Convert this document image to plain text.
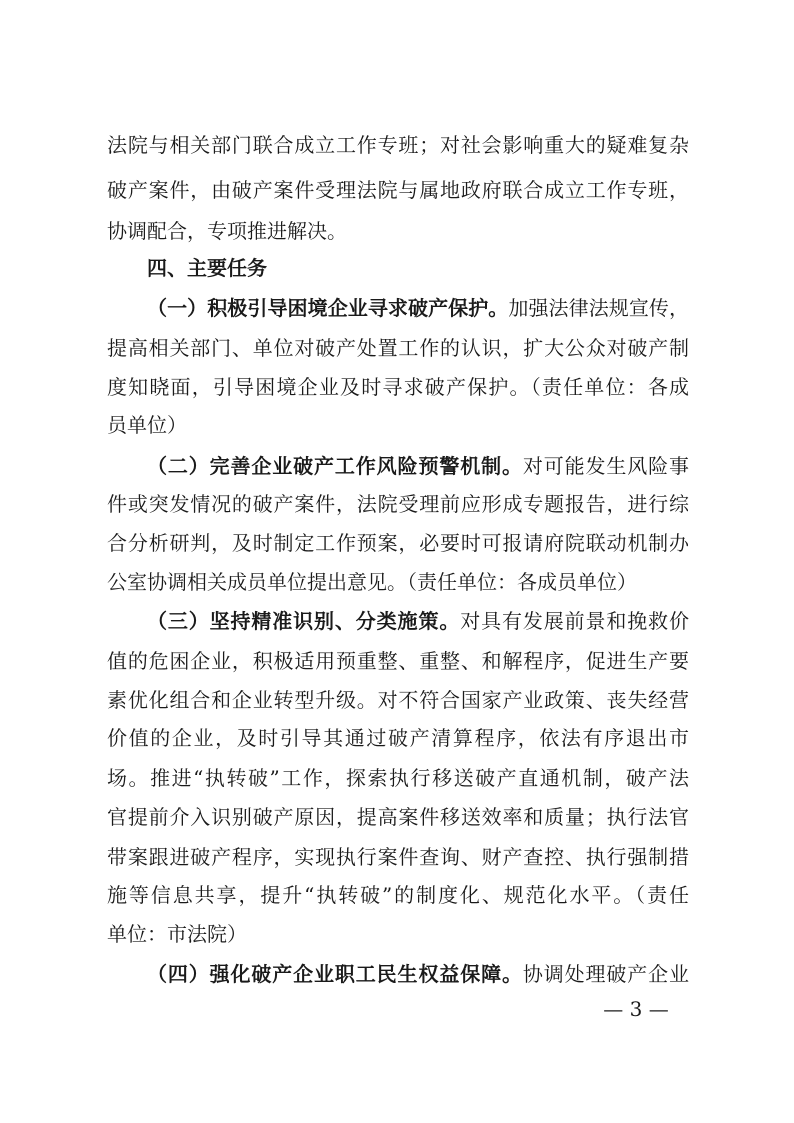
法院与相关部门联合成立工作专班；对社会影响重大的疑难复杂
破产案件，由破产案件受理法院与属地政府联合成立工作专班，
协调配合，专项推进解决。
四、主要任务
（一）积极引导困境企业寻求破产保护。加强法律法规宣传，
提高相关部门、单位对破产处置工作的认识，扩大公众对破产制
度知晓面，引导困境企业及时寻求破产保护。（责任单位：各成
员单位）
（二）完善企业破产工作风险预警机制。对可能发生风险事
件或突发情况的破产案件，法院受理前应形成专题报告，进行综
合分析研判，及时制定工作预案，必要时可报请府院联动机制办
公室协调相关成员单位提出意见。（责任单位：各成员单位）
（三）坚持精准识别、分类施策。对具有发展前景和挽救价
值的危困企业，积极适用预重整、重整、和解程序，促进生产要
素优化组合和企业转型升级。对不符合国家产业政策、丧失经营
价值的企业，及时引导其通过破产清算程序，依法有序退出市
场。推进“执转破”工作，探索执行移送破产直通机制，破产法
官提前介入识别破产原因，提高案件移送效率和质量；执行法官
带案跟进破产程序，实现执行案件查询、财产查控、执行强制措
施等信息共享，提升“执转破”的制度化、规范化水平。（责任
单位：市法院）
（四）强化破产企业职工民生权益保障。协调处理破产企业
— 3 —
